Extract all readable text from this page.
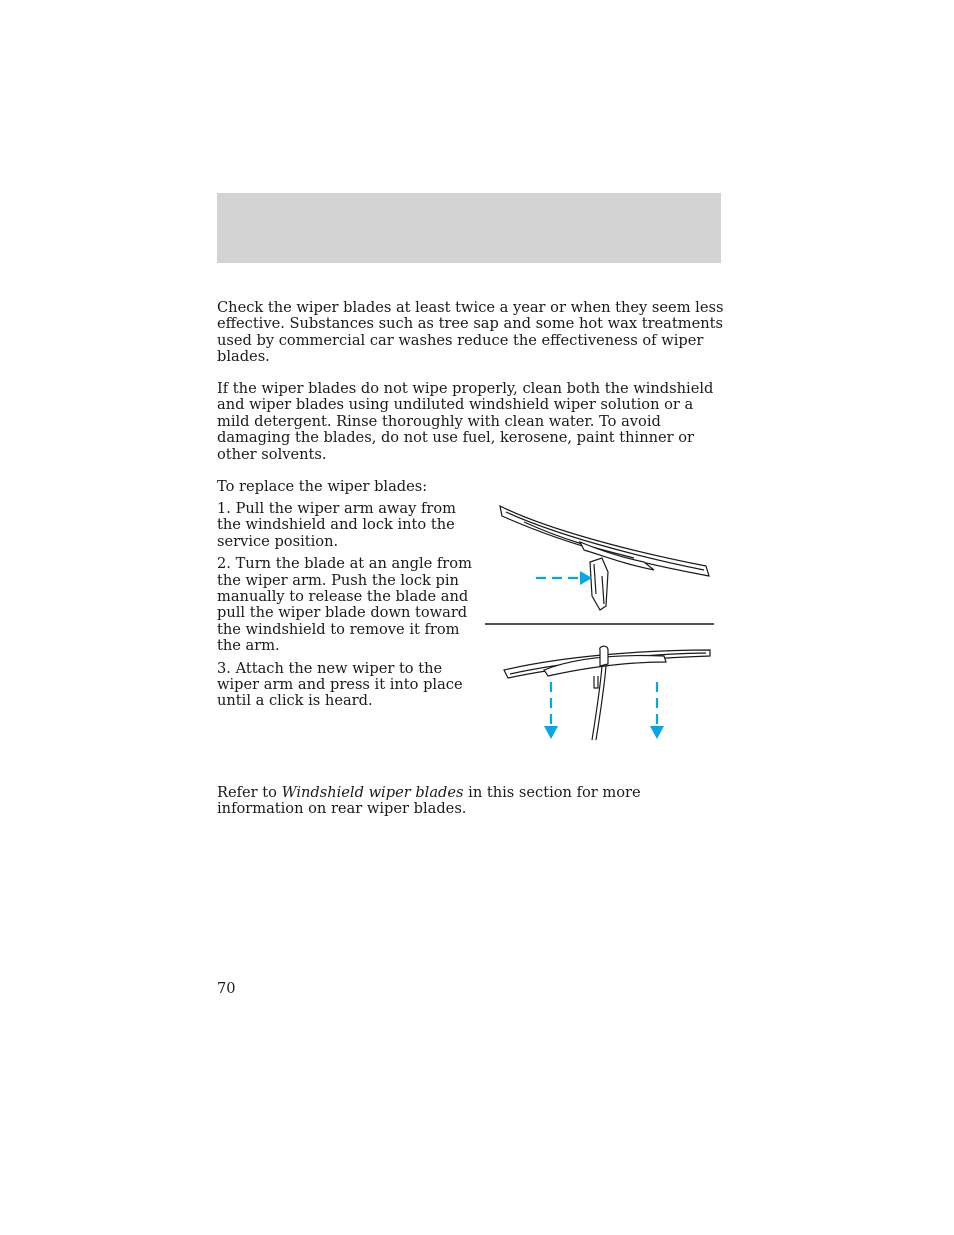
Check the wiper blades at least twice a year or when they seem less effective. Substances such as tree sap and some hot wax treatments used by commercial car washes reduce the effectiveness of wiper blades.

If the wiper blades do not wipe properly, clean both the windshield and wiper blades using undiluted windshield wiper solution or a mild detergent. Rinse thoroughly with clean water. To avoid damaging the blades, do not use fuel, kerosene, paint thinner or other solvents.

To replace the wiper blades:

1. Pull the wiper arm away from the windshield and lock into the service position.

2. Turn the blade at an angle from the wiper arm. Push the lock pin manually to release the blade and pull the wiper blade down toward the windshield to remove it from the arm.

3. Attach the new wiper to the wiper arm and press it into place until a click is heard.

Refer to Windshield wiper blades in this section for more information on rear wiper blades.

70
